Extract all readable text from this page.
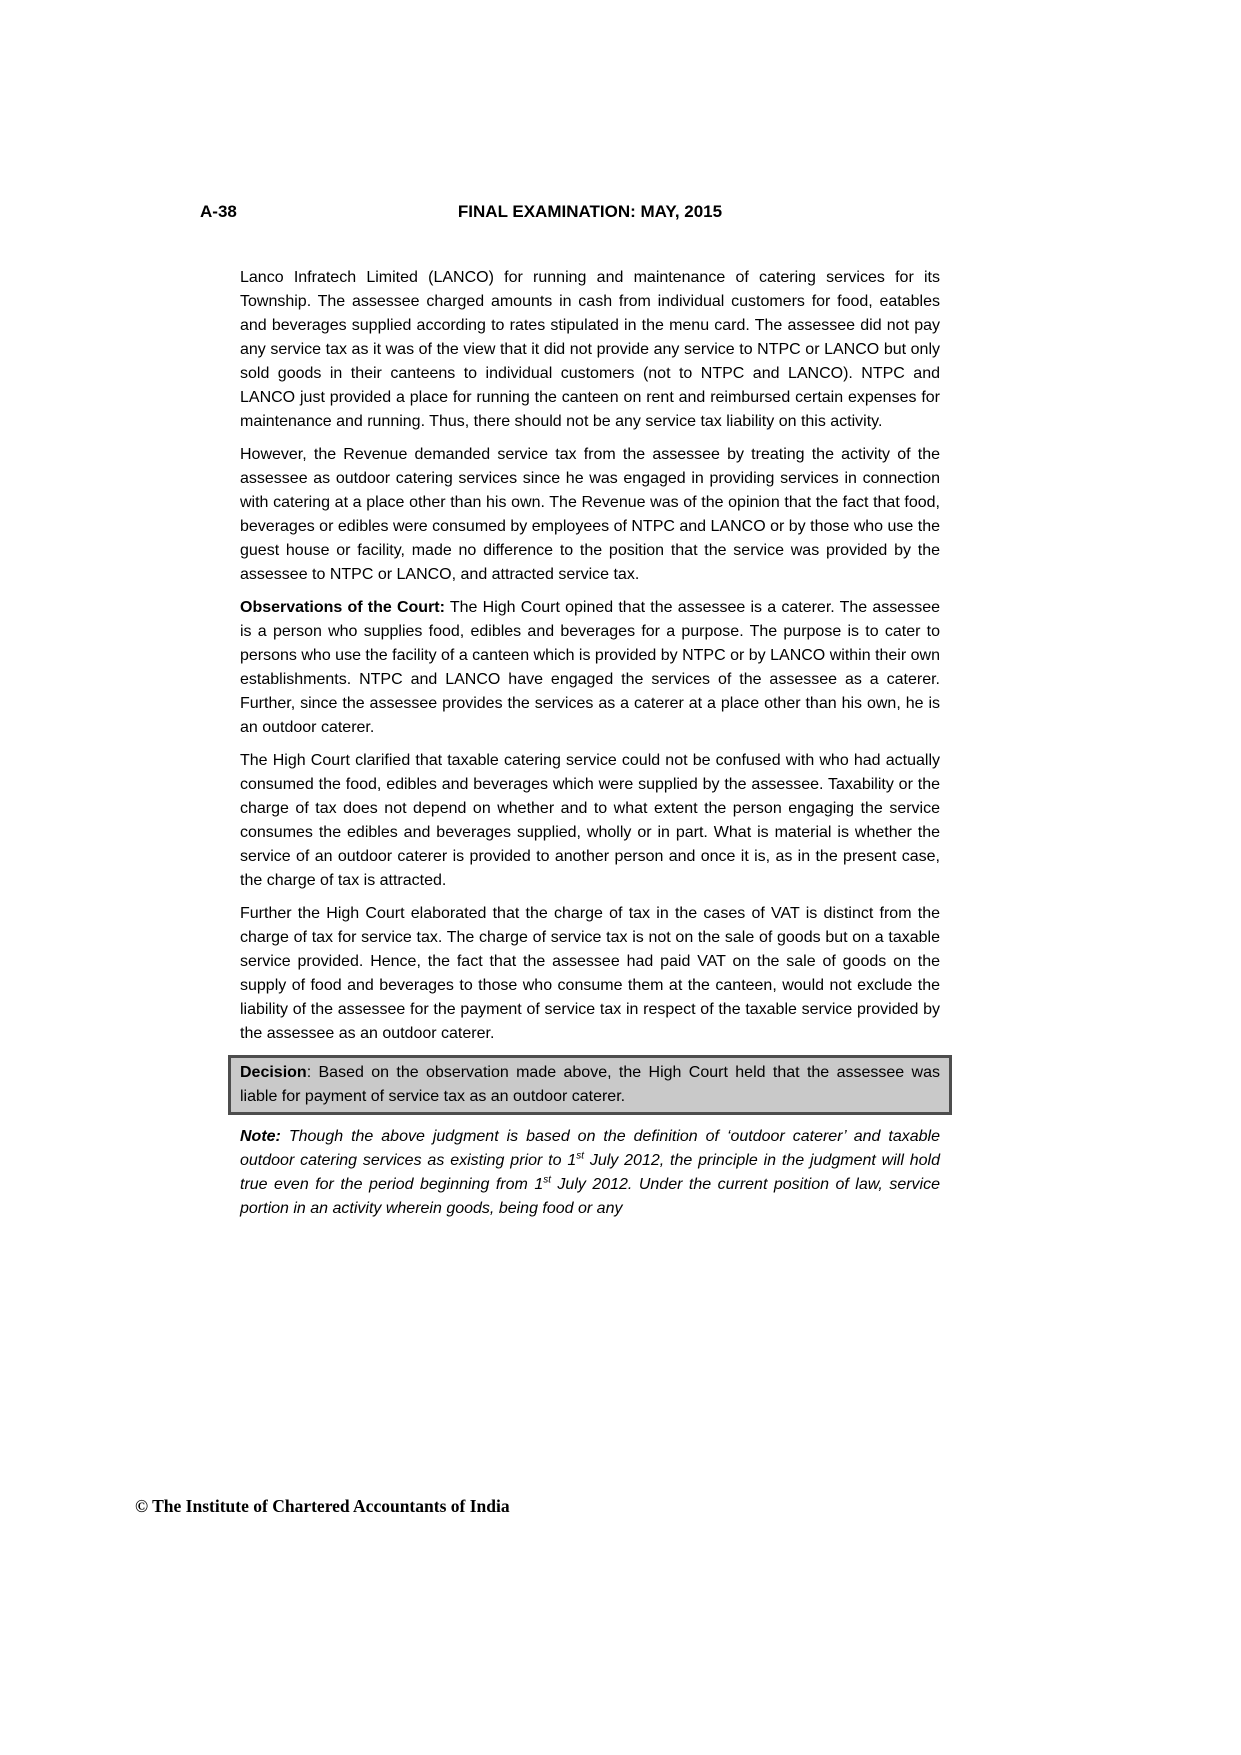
A-38	FINAL EXAMINATION: MAY, 2015

Lanco Infratech Limited (LANCO) for running and maintenance of catering services for its Township. The assessee charged amounts in cash from individual customers for food, eatables and beverages supplied according to rates stipulated in the menu card. The assessee did not pay any service tax as it was of the view that it did not provide any service to NTPC or LANCO but only sold goods in their canteens to individual customers (not to NTPC and LANCO). NTPC and LANCO just provided a place for running the canteen on rent and reimbursed certain expenses for maintenance and running. Thus, there should not be any service tax liability on this activity.

However, the Revenue demanded service tax from the assessee by treating the activity of the assessee as outdoor catering services since he was engaged in providing services in connection with catering at a place other than his own. The Revenue was of the opinion that the fact that food, beverages or edibles were consumed by employees of NTPC and LANCO or by those who use the guest house or facility, made no difference to the position that the service was provided by the assessee to NTPC or LANCO, and attracted service tax.

Observations of the Court: The High Court opined that the assessee is a caterer. The assessee is a person who supplies food, edibles and beverages for a purpose. The purpose is to cater to persons who use the facility of a canteen which is provided by NTPC or by LANCO within their own establishments. NTPC and LANCO have engaged the services of the assessee as a caterer. Further, since the assessee provides the services as a caterer at a place other than his own, he is an outdoor caterer.

The High Court clarified that taxable catering service could not be confused with who had actually consumed the food, edibles and beverages which were supplied by the assessee. Taxability or the charge of tax does not depend on whether and to what extent the person engaging the service consumes the edibles and beverages supplied, wholly or in part. What is material is whether the service of an outdoor caterer is provided to another person and once it is, as in the present case, the charge of tax is attracted.

Further the High Court elaborated that the charge of tax in the cases of VAT is distinct from the charge of tax for service tax. The charge of service tax is not on the sale of goods but on a taxable service provided. Hence, the fact that the assessee had paid VAT on the sale of goods on the supply of food and beverages to those who consume them at the canteen, would not exclude the liability of the assessee for the payment of service tax in respect of the taxable service provided by the assessee as an outdoor caterer.

Decision: Based on the observation made above, the High Court held that the assessee was liable for payment of service tax as an outdoor caterer.

Note: Though the above judgment is based on the definition of ‘outdoor caterer’ and taxable outdoor catering services as existing prior to 1st July 2012, the principle in the judgment will hold true even for the period beginning from 1st July 2012. Under the current position of law, service portion in an activity wherein goods, being food or any

© The Institute of Chartered Accountants of India
